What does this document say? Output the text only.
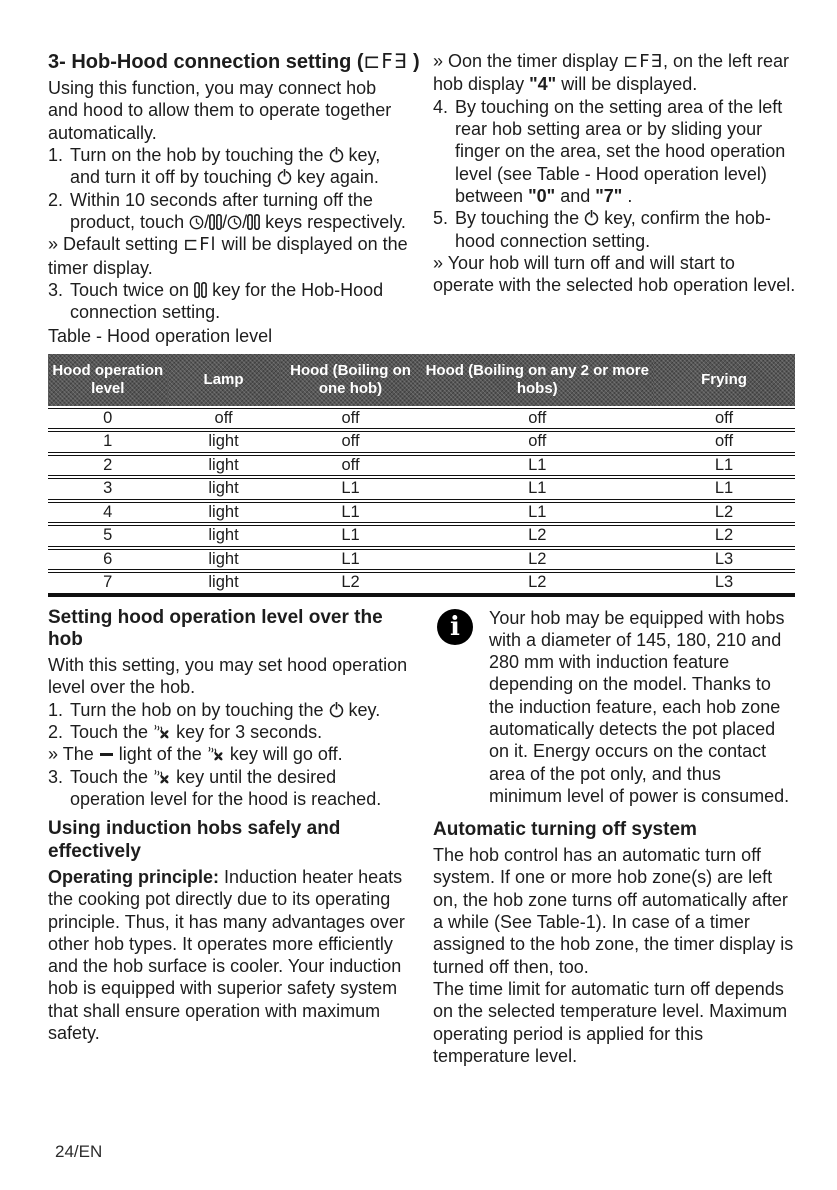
3- Hob-Hood connection setting (⊏F∃ )

Using this function, you may connect hob and hood to allow them to operate together automatically.

1. Turn on the hob by touching the key, and turn it off by touching key again.
2. Within 10 seconds after turning off the product, touch / / / keys respectively.

» Default setting ⊏Fl will be displayed on the timer display.

3. Touch twice on key for the Hob-Hood connection setting.

Table - Hood operation level

» Oon the timer display ⊏F∃, on the left rear hob display "4" will be displayed.

4. By touching on the setting area of the left rear hob setting area or by sliding your finger on the area, set the hood operation level (see Table - Hood operation level) between "0" and "7" .
5. By touching the key, confirm the hob-hood connection setting.

» Your hob will turn off and will start to operate with the selected hob operation level.

Hood operation level	Lamp	Hood (Boiling on one hob)	Hood (Boiling on any 2 or more hobs)	Frying
0	off	off	off	off
1	light	off	off	off
2	light	off	L1	L1
3	light	L1	L1	L1
4	light	L1	L1	L2
5	light	L1	L2	L2
6	light	L1	L2	L3
7	light	L2	L2	L3
Setting hood operation level over the hob

With this setting, you may set hood operation level over the hob.

1. Turn the hob on by touching the key.
2. Touch the key for 3 seconds.

» The light of the key will go off.

3. Touch the key until the desired operation level for the hood is reached.
Using induction hobs safely and effectively

Operating principle: Induction heater heats the cooking pot directly due to its operating principle. Thus, it has many advantages over other hob types. It operates more efficiently and the hob surface is cooler. Your induction hob is equipped with superior safety system that shall ensure operation with maximum safety.

i	Your hob may be equipped with hobs with a diameter of 145, 180, 210 and 280 mm with induction feature depending on the model. Thanks to the induction feature, each hob zone automatically detects the pot placed on it. Energy occurs on the contact area of the pot only, and thus minimum level of power is consumed.

Automatic turning off system

The hob control has an automatic turn off system. If one or more hob zone(s) are left on, the hob zone turns off automatically after a while (See Table-1). In case of a timer assigned to the hob zone, the timer display is turned off then, too.

The time limit for automatic turn off depends on the selected temperature level. Maximum operating period is applied for this temperature level.

24/EN
